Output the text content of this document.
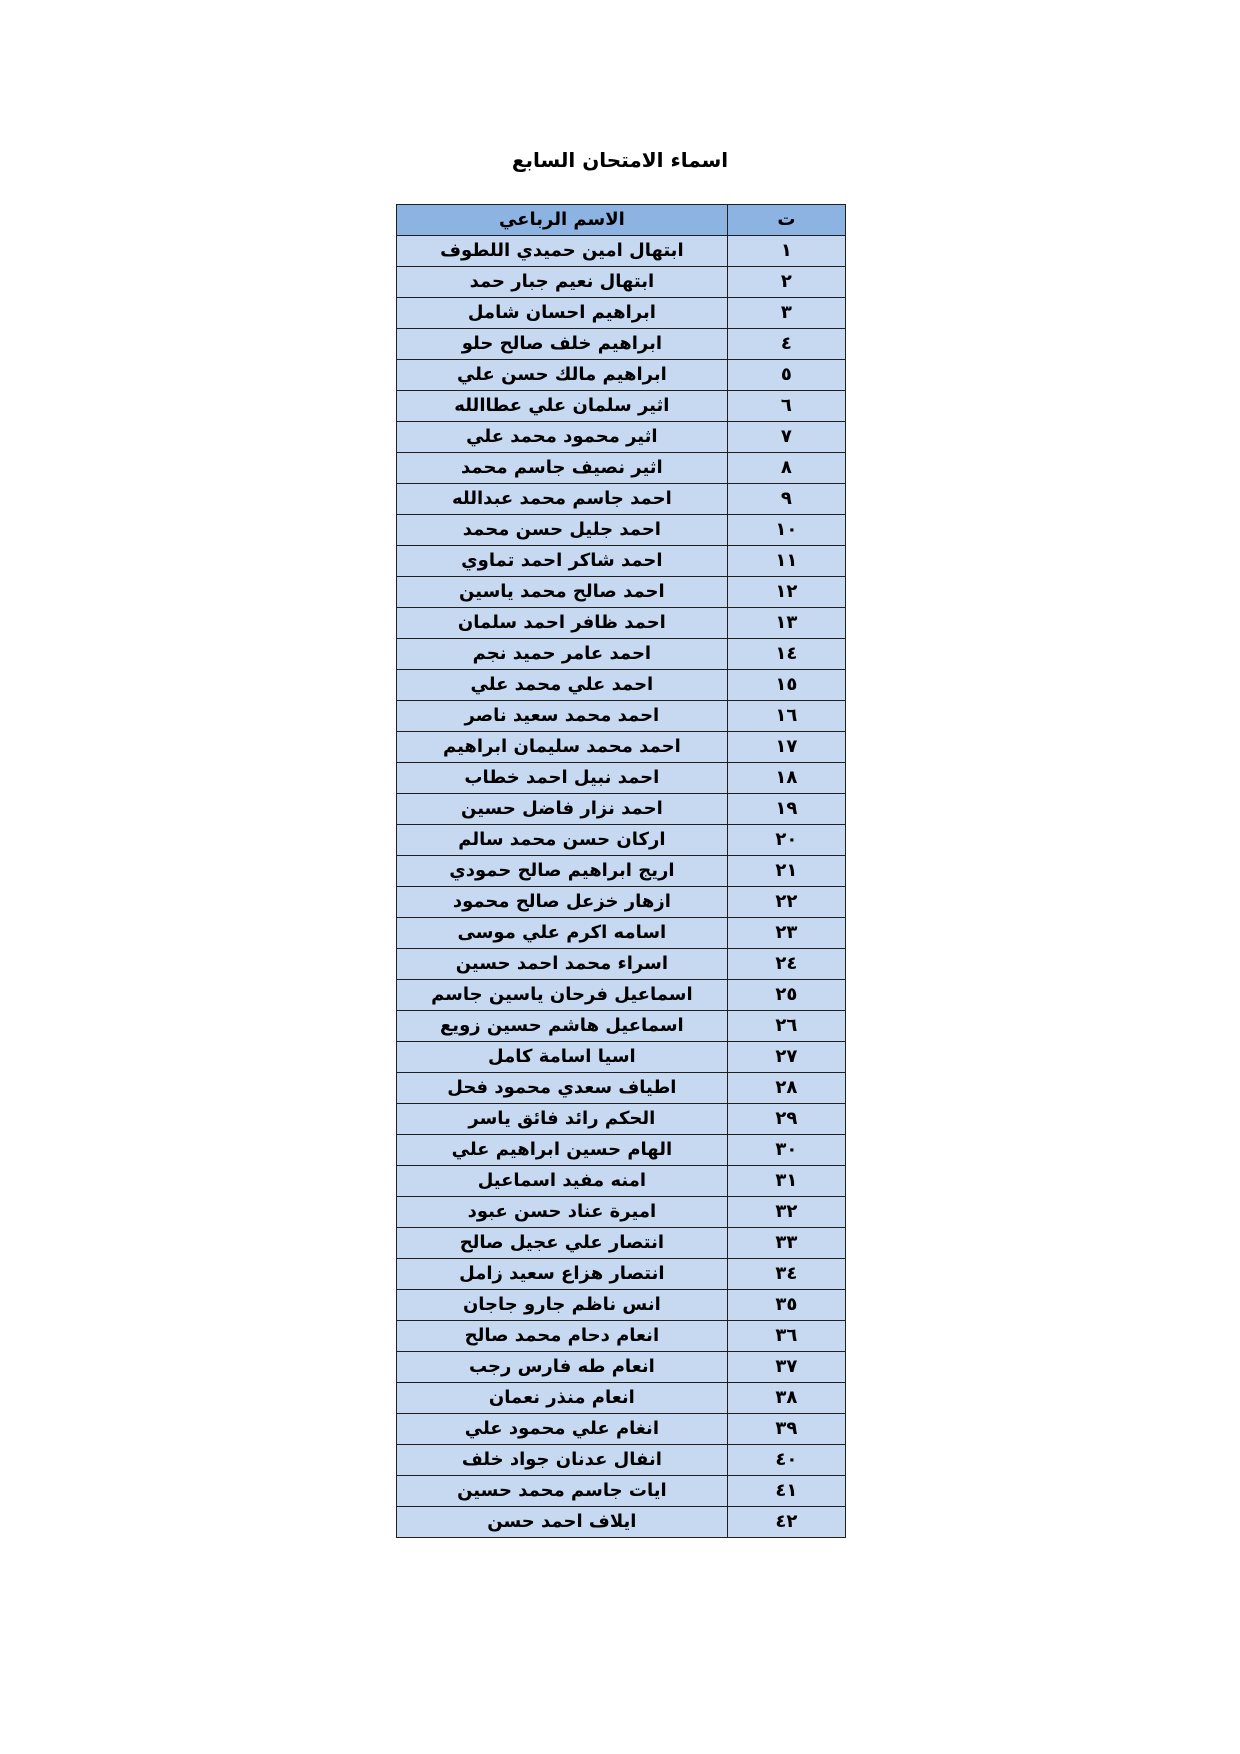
اسماء الامتحان السابع
ت	الاسم الرباعي
١	ابتهال امين حميدي اللطوف
٢	ابتهال نعيم جبار حمد
٣	ابراهيم احسان شامل
٤	ابراهيم خلف صالح حلو
٥	ابراهيم مالك حسن علي
٦	اثير سلمان علي عطاالله
٧	اثير محمود محمد علي
٨	اثير نصيف جاسم محمد
٩	احمد جاسم محمد عبدالله
١٠	احمد جليل حسن محمد
١١	احمد شاكر احمد تماوي
١٢	احمد صالح محمد ياسين
١٣	احمد ظافر احمد سلمان
١٤	احمد عامر حميد نجم
١٥	احمد علي محمد علي
١٦	احمد محمد سعيد ناصر
١٧	احمد محمد سليمان ابراهيم
١٨	احمد نبيل احمد خطاب
١٩	احمد نزار فاضل حسين
٢٠	اركان حسن محمد سالم
٢١	اريج ابراهيم صالح حمودي
٢٢	ازهار خزعل صالح محمود
٢٣	اسامه اكرم علي موسى
٢٤	اسراء محمد احمد حسين
٢٥	اسماعيل فرحان ياسين جاسم
٢٦	اسماعيل هاشم حسين زويع
٢٧	اسيا اسامة كامل
٢٨	اطياف سعدي محمود فحل
٢٩	الحكم رائد فائق ياسر
٣٠	الهام حسين ابراهيم علي
٣١	امنه مفيد اسماعيل
٣٢	اميرة عناد حسن عبود
٣٣	انتصار علي عجيل صالح
٣٤	انتصار هزاع سعيد زامل
٣٥	انس ناظم جارو جاجان
٣٦	انعام دحام محمد صالح
٣٧	انعام طه فارس رجب
٣٨	انعام منذر نعمان
٣٩	انغام علي محمود علي
٤٠	انفال عدنان جواد خلف
٤١	ايات جاسم محمد حسين
٤٢	ايلاف احمد حسن
